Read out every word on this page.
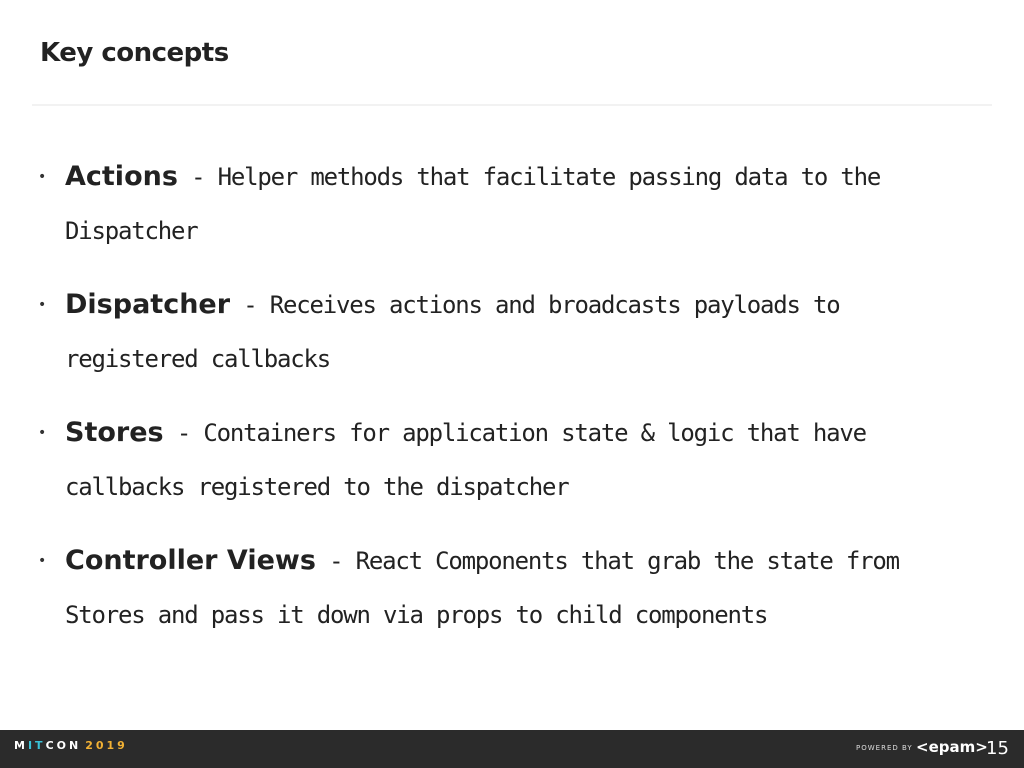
Key concepts
• Actions - Helper methods that facilitate passing data to the Dispatcher
• Dispatcher - Receives actions and broadcasts payloads to registered callbacks
• Stores - Containers for application state & logic that have callbacks registered to the dispatcher
• Controller Views - React Components that grab the state from Stores and pass it down via props to child components
MITCON 2019	POWERED BY <epam>
15
